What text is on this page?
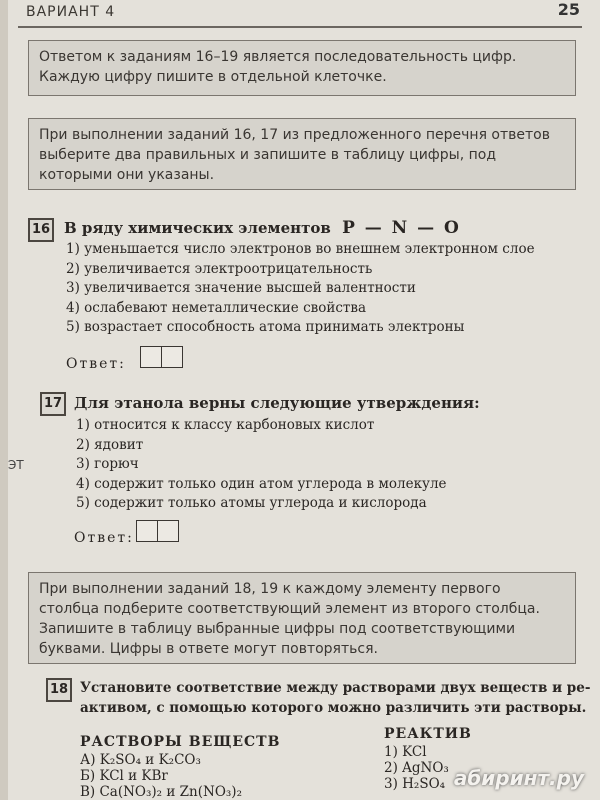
ЭТ
ВАРИАНТ 4	25
Ответом к заданиям 16–19 является последовательность цифр. Каждую цифру пишите в отдельной клеточке.
При выполнении заданий 16, 17 из предложенного перечня ответов выберите два правильных и запишите в таблицу цифры, под которыми они указаны.
16 В ряду химических элементов P — N — O
1) уменьшается число электронов во внешнем электронном слое
2) увеличивается электроотрицательность
3) увеличивается значение высшей валентности
4) ослабевают неметаллические свойства
5) возрастает способность атома принимать электроны
Ответ:
17 Для этанола верны следующие утверждения:
1) относится к классу карбоновых кислот
2) ядовит
3) горюч
4) содержит только один атом углерода в молекуле
5) содержит только атомы углерода и кислорода
Ответ:
При выполнении заданий 18, 19 к каждому элементу первого столбца подберите соответствующий элемент из второго столбца. Запишите в таблицу выбранные цифры под соответствующими буквами. Цифры в ответе могут повторяться.
18 Установите соответствие между растворами двух веществ и ре-
активом, с помощью которого можно различить эти растворы.
РАСТВОРЫ ВЕЩЕСТВ	РЕАКТИВ
А) K₂SO₄ и K₂CO₃
Б) KCl и KBr
В) Ca(NO₃)₂ и Zn(NO₃)₂
1) KCl
2) AgNO₃
3) H₂SO₄ абиринт.ру
